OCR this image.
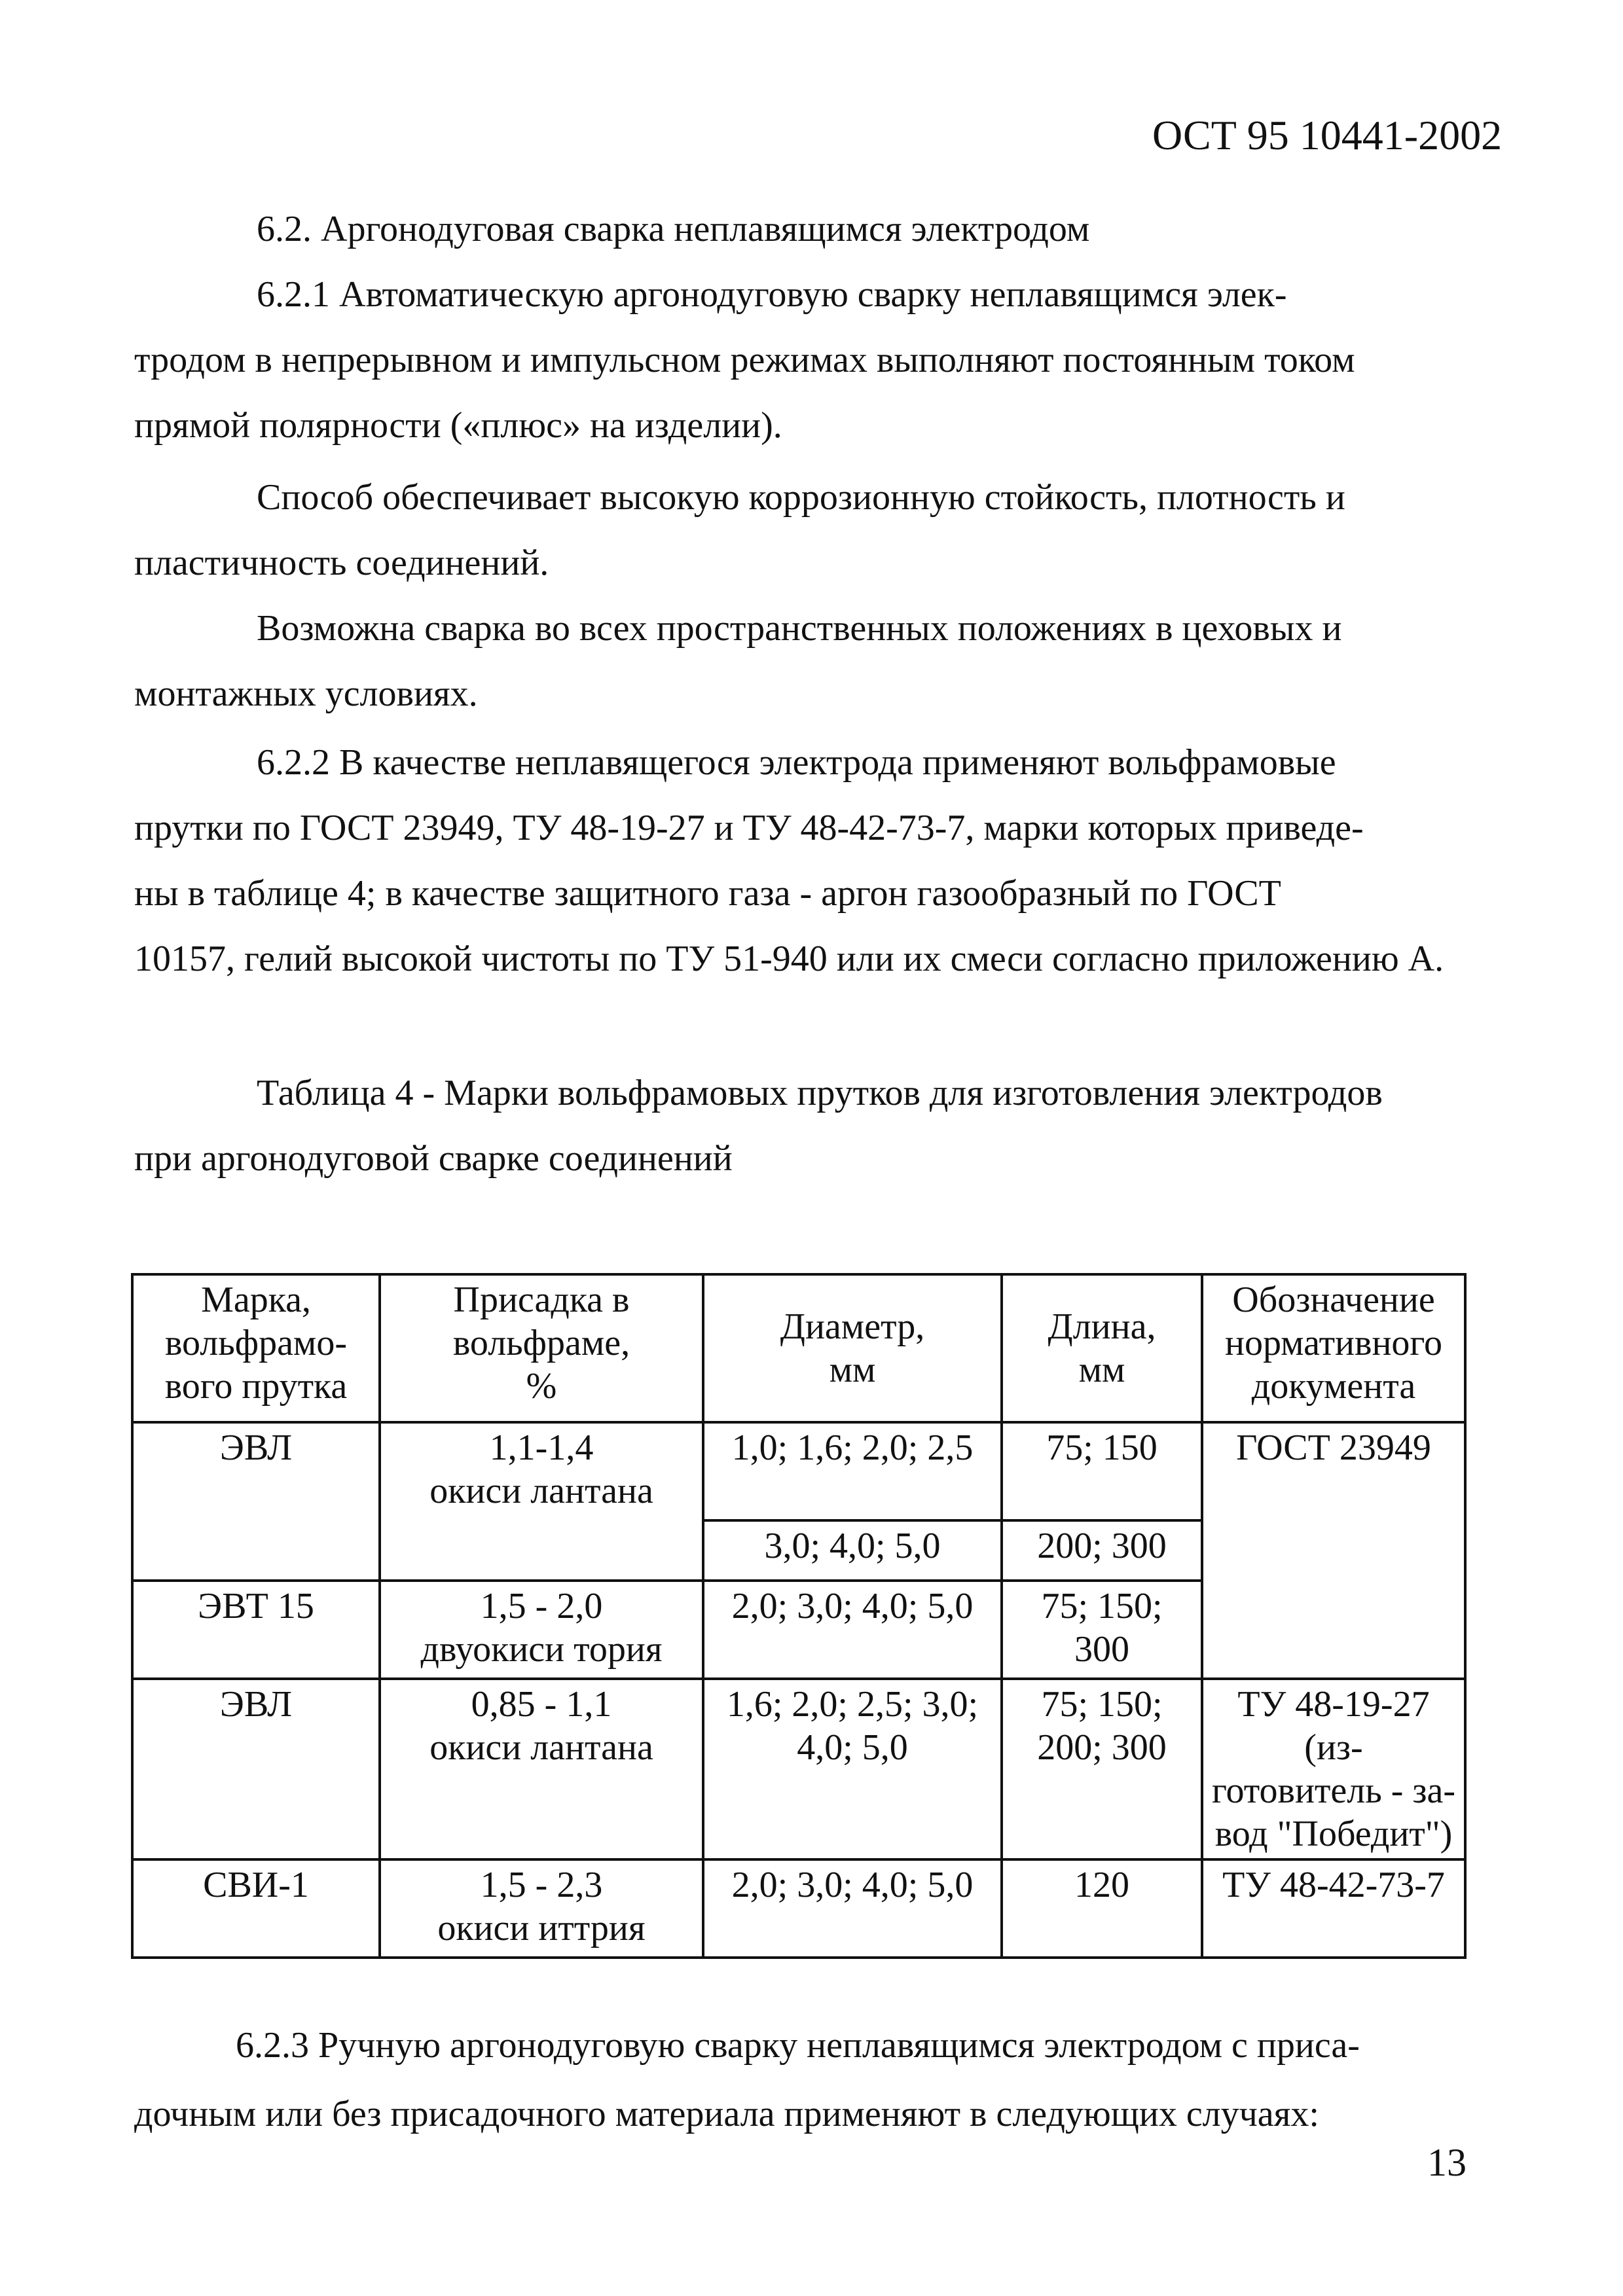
ОСТ 95 10441-2002
6.2. Аргонодуговая сварка неплавящимся электродом
6.2.1 Автоматическую аргонодуговую сварку неплавящимся элек-
тродом в непрерывном и импульсном режимах выполняют постоянным током
прямой полярности («плюс» на изделии).
Способ обеспечивает высокую коррозионную стойкость, плотность и
пластичность соединений.
Возможна сварка во всех пространственных положениях в цеховых и
монтажных условиях.
6.2.2 В качестве неплавящегося электрода применяют вольфрамовые
прутки по ГОСТ 23949, ТУ 48-19-27 и ТУ 48-42-73-7, марки которых приведе-
ны в таблице 4; в качестве защитного газа - аргон газообразный по ГОСТ
10157, гелий высокой чистоты по ТУ 51-940 или их смеси согласно приложению А.
Таблица 4 - Марки вольфрамовых прутков для изготовления электродов
при аргонодуговой сварке соединений
Марка,
вольфрамо-
вого прутка	Присадка в
вольфраме,
%	Диаметр,
мм	Длина,
мм	Обозначение
нормативного
документа
ЭВЛ	1,1-1,4
окиси лантана	1,0; 1,6; 2,0; 2,5	75; 150	ГОСТ 23949
		3,0; 4,0; 5,0	200; 300	
ЭВТ 15	1,5 - 2,0
двуокиси тория	2,0; 3,0; 4,0; 5,0	75; 150;
300	
ЭВЛ	0,85 - 1,1
окиси лантана	1,6; 2,0; 2,5; 3,0;
4,0; 5,0	75; 150;
200; 300	ТУ 48-19-27 (из-
готовитель - за-
вод "Победит")
СВИ-1	1,5 - 2,3
окиси иттрия	2,0; 3,0; 4,0; 5,0	120	ТУ 48-42-73-7
6.2.3 Ручную аргонодуговую сварку неплавящимся электродом с приса-
дочным или без присадочного материала применяют в следующих случаях:
13
